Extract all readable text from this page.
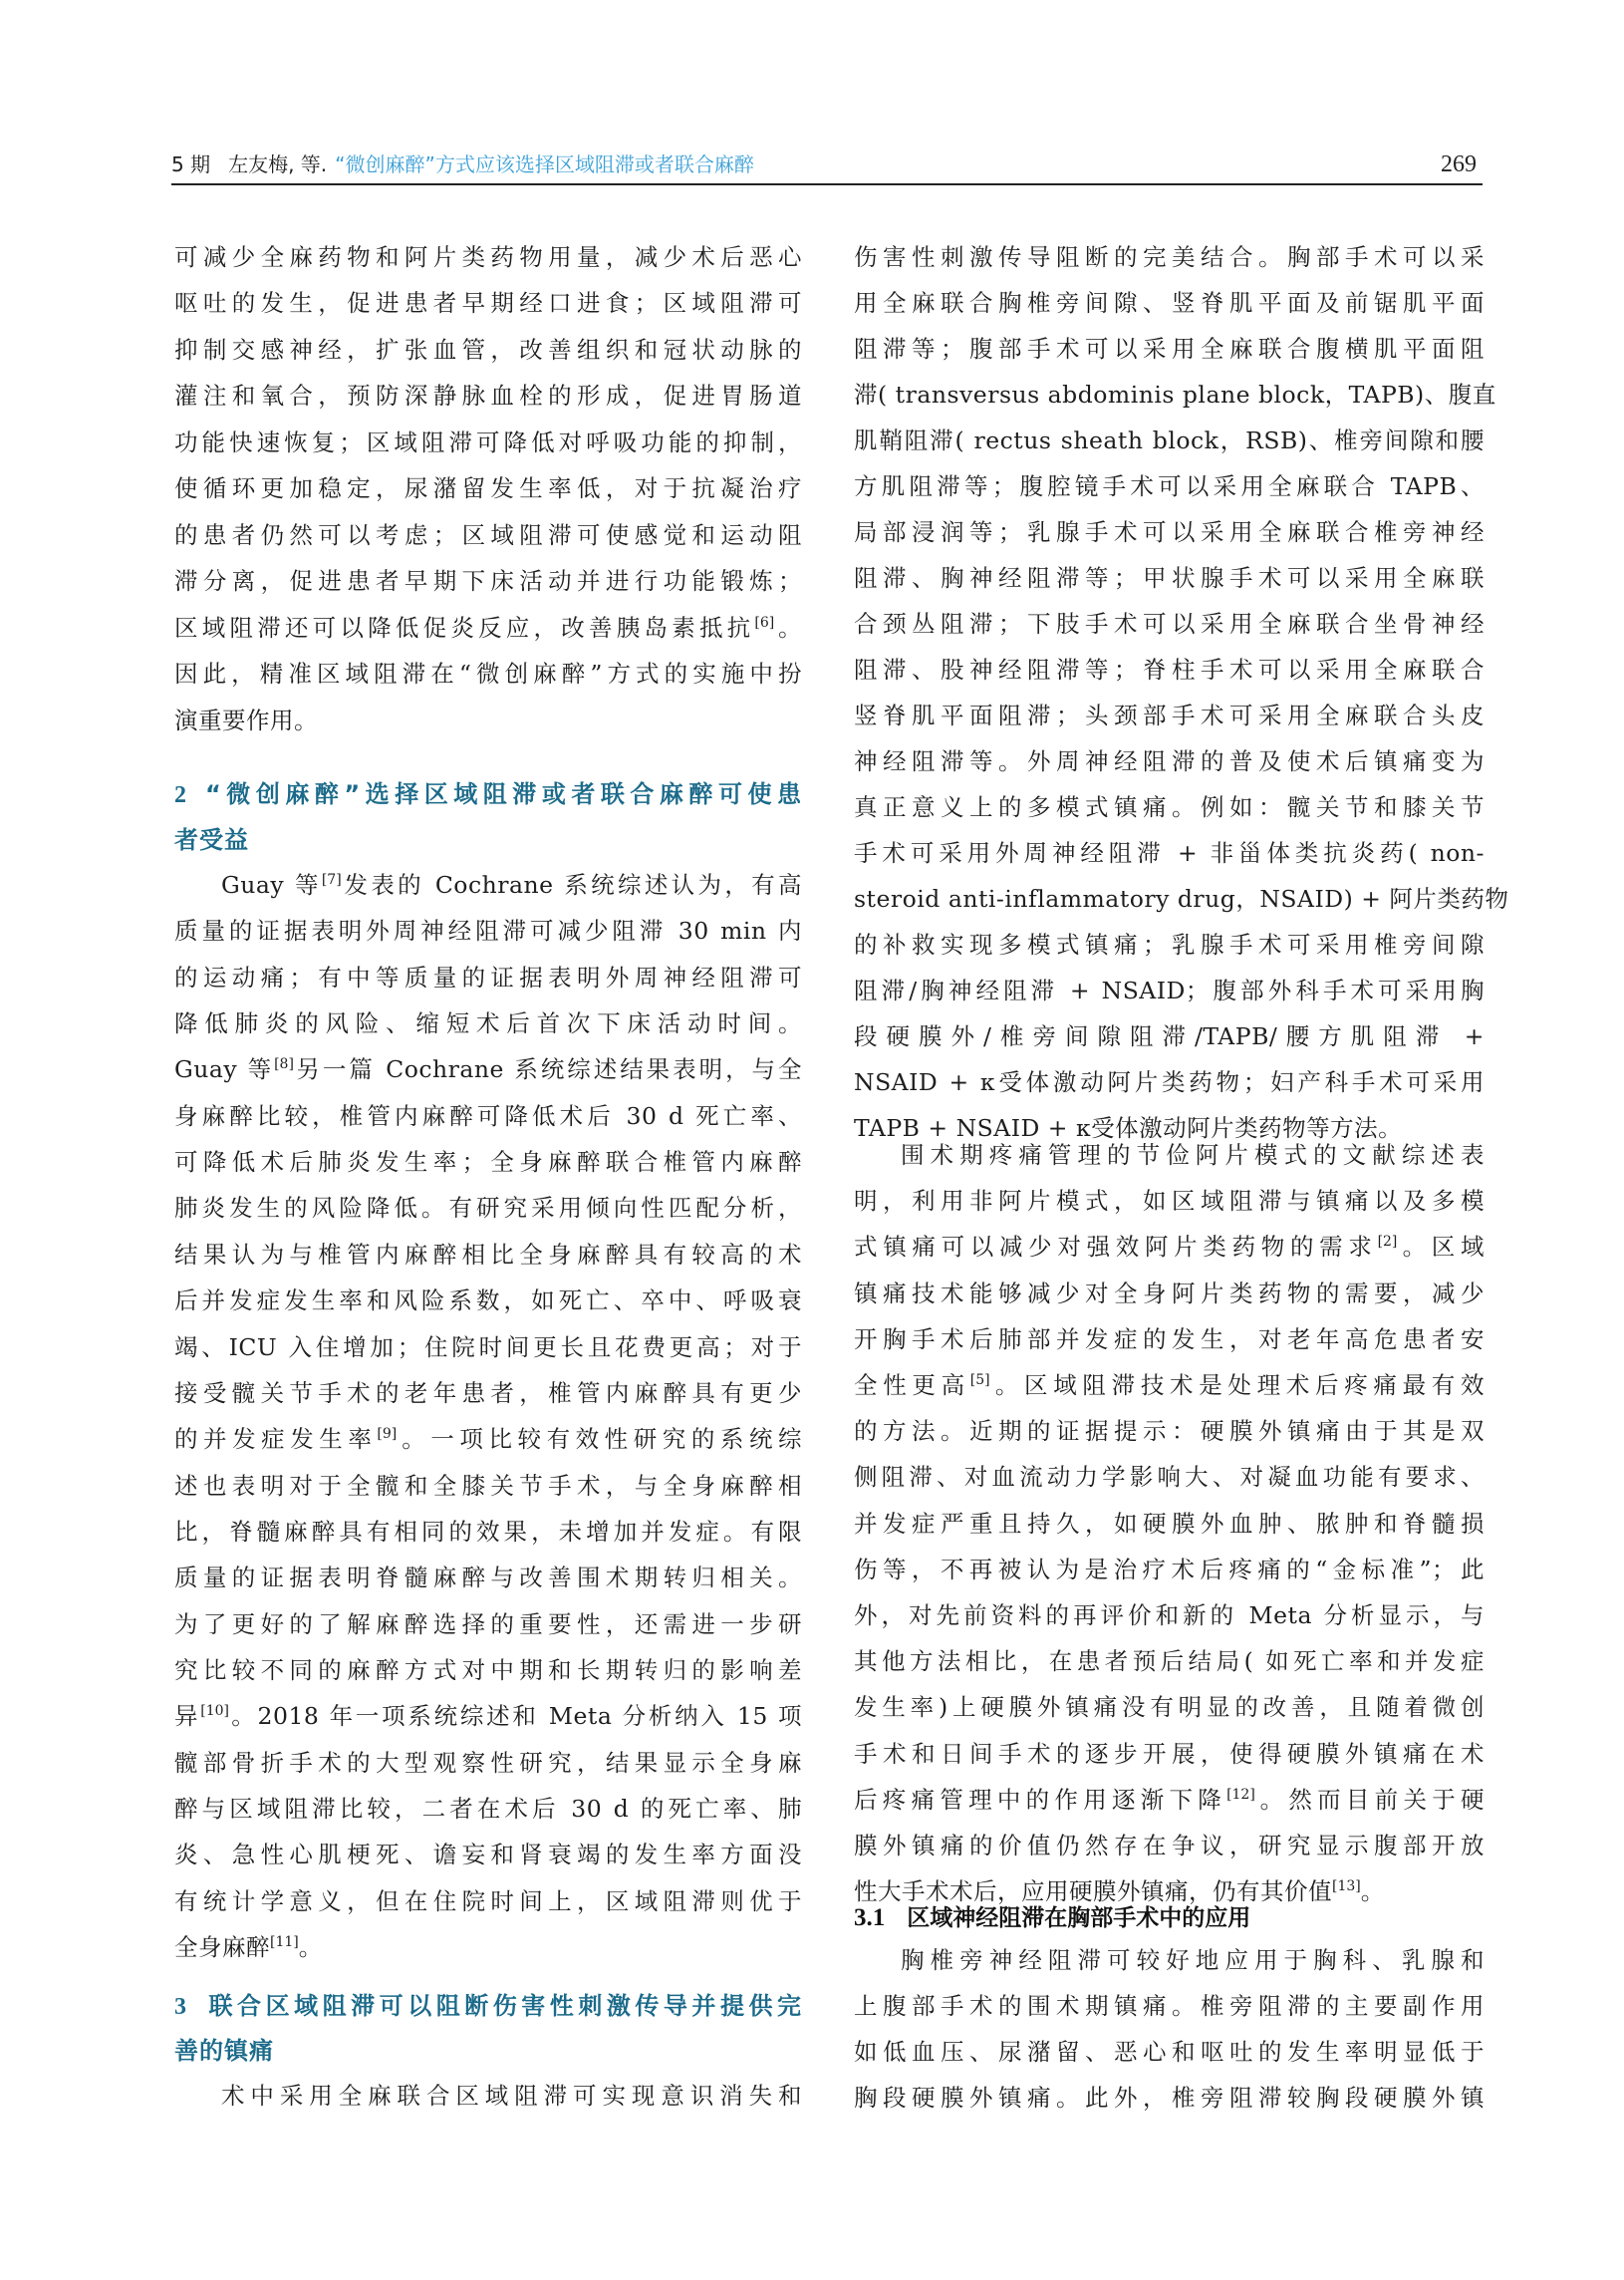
5 期 左友梅, 等. “微创麻醉”方式应该选择区域阻滞或者联合麻醉	269
可减少全麻药物和阿片类药物用量，减少术后恶心
呕吐的发生，促进患者早期经口进食；区域阻滞可
抑制交感神经，扩张血管，改善组织和冠状动脉的
灌注和氧合，预防深静脉血栓的形成，促进胃肠道
功能快速恢复；区域阻滞可降低对呼吸功能的抑制，
使循环更加稳定，尿潴留发生率低，对于抗凝治疗
的患者仍然可以考虑；区域阻滞可使感觉和运动阻
滞分离，促进患者早期下床活动并进行功能锻炼；
区域阻滞还可以降低促炎反应，改善胰岛素抵抗[6]。
因此，精准区域阻滞在“微创麻醉”方式的实施中扮
演重要作用。
2 “微创麻醉”选择区域阻滞或者联合麻醉可使患
者受益
Guay 等[7]发表的 Cochrane 系统综述认为，有高
质量的证据表明外周神经阻滞可减少阻滞 30 min 内
的运动痛；有中等质量的证据表明外周神经阻滞可
降低肺炎的风险、缩短术后首次下床活动时间。
Guay 等[8]另一篇 Cochrane 系统综述结果表明，与全
身麻醉比较，椎管内麻醉可降低术后 30 d 死亡率、
可降低术后肺炎发生率；全身麻醉联合椎管内麻醉
肺炎发生的风险降低。有研究采用倾向性匹配分析，
结果认为与椎管内麻醉相比全身麻醉具有较高的术
后并发症发生率和风险系数，如死亡、卒中、呼吸衰
竭、ICU 入住增加；住院时间更长且花费更高；对于
接受髋关节手术的老年患者，椎管内麻醉具有更少
的并发症发生率[9]。一项比较有效性研究的系统综
述也表明对于全髋和全膝关节手术，与全身麻醉相
比，脊髓麻醉具有相同的效果，未增加并发症。有限
质量的证据表明脊髓麻醉与改善围术期转归相关。
为了更好的了解麻醉选择的重要性，还需进一步研
究比较不同的麻醉方式对中期和长期转归的影响差
异[10]。2018 年一项系统综述和 Meta 分析纳入 15 项
髋部骨折手术的大型观察性研究，结果显示全身麻
醉与区域阻滞比较，二者在术后 30 d 的死亡率、肺
炎、急性心肌梗死、谵妄和肾衰竭的发生率方面没
有统计学意义，但在住院时间上，区域阻滞则优于
全身麻醉[11]。
3 联合区域阻滞可以阻断伤害性刺激传导并提供完
善的镇痛
术中采用全麻联合区域阻滞可实现意识消失和
伤害性刺激传导阻断的完美结合。胸部手术可以采
用全麻联合胸椎旁间隙、竖脊肌平面及前锯肌平面
阻滞等；腹部手术可以采用全麻联合腹横肌平面阻
滞( transversus abdominis plane block，TAPB)、腹直
肌鞘阻滞( rectus sheath block，RSB)、椎旁间隙和腰
方肌阻滞等；腹腔镜手术可以采用全麻联合 TAPB、
局部浸润等；乳腺手术可以采用全麻联合椎旁神经
阻滞、胸神经阻滞等；甲状腺手术可以采用全麻联
合颈丛阻滞；下肢手术可以采用全麻联合坐骨神经
阻滞、股神经阻滞等；脊柱手术可以采用全麻联合
竖脊肌平面阻滞；头颈部手术可采用全麻联合头皮
神经阻滞等。外周神经阻滞的普及使术后镇痛变为
真正意义上的多模式镇痛。例如：髋关节和膝关节
手术可采用外周神经阻滞 + 非甾体类抗炎药( non-
steroid anti-inflammatory drug，NSAID) + 阿片类药物
的补救实现多模式镇痛；乳腺手术可采用椎旁间隙
阻滞/胸神经阻滞 + NSAID；腹部外科手术可采用胸
段硬膜外/椎旁间隙阻滞/TAPB/腰方肌阻滞 +
NSAID + κ受体激动阿片类药物；妇产科手术可采用
TAPB + NSAID + κ受体激动阿片类药物等方法。
围术期疼痛管理的节俭阿片模式的文献综述表
明，利用非阿片模式，如区域阻滞与镇痛以及多模
式镇痛可以减少对强效阿片类药物的需求[2]。区域
镇痛技术能够减少对全身阿片类药物的需要，减少
开胸手术后肺部并发症的发生，对老年高危患者安
全性更高[5]。区域阻滞技术是处理术后疼痛最有效
的方法。近期的证据提示：硬膜外镇痛由于其是双
侧阻滞、对血流动力学影响大、对凝血功能有要求、
并发症严重且持久，如硬膜外血肿、脓肿和脊髓损
伤等，不再被认为是治疗术后疼痛的“金标准”；此
外，对先前资料的再评价和新的 Meta 分析显示，与
其他方法相比，在患者预后结局( 如死亡率和并发症
发生率)上硬膜外镇痛没有明显的改善，且随着微创
手术和日间手术的逐步开展，使得硬膜外镇痛在术
后疼痛管理中的作用逐渐下降[12]。然而目前关于硬
膜外镇痛的价值仍然存在争议，研究显示腹部开放
性大手术术后，应用硬膜外镇痛，仍有其价值[13]。
3.1 区域神经阻滞在胸部手术中的应用
胸椎旁神经阻滞可较好地应用于胸科、乳腺和
上腹部手术的围术期镇痛。椎旁阻滞的主要副作用
如低血压、尿潴留、恶心和呕吐的发生率明显低于
胸段硬膜外镇痛。此外，椎旁阻滞较胸段硬膜外镇
